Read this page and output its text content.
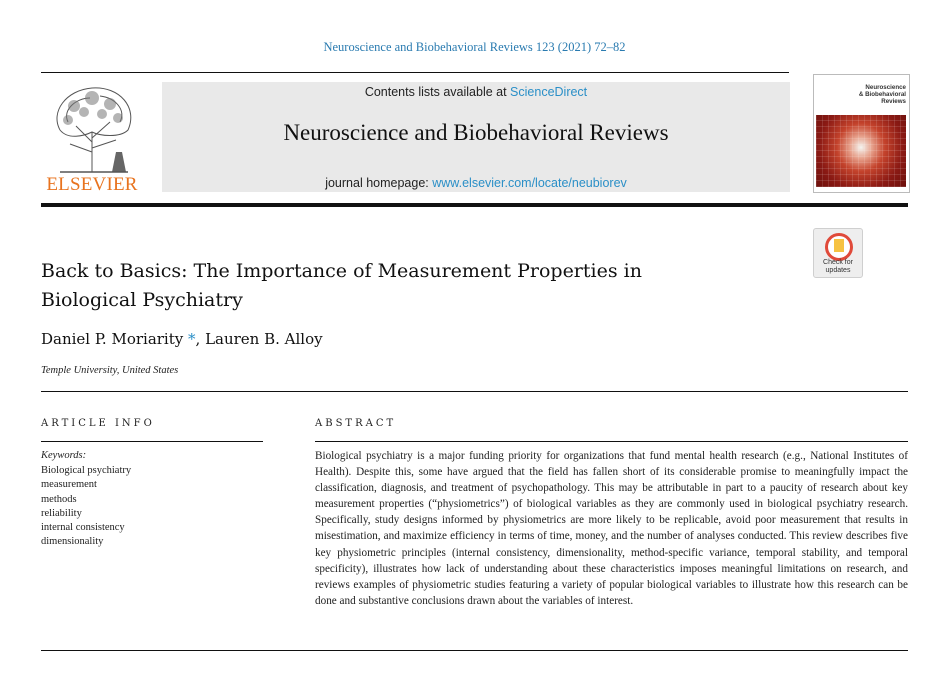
Neuroscience and Biobehavioral Reviews 123 (2021) 72–82
ELSEVIER
Contents lists available at ScienceDirect
Neuroscience and Biobehavioral Reviews
journal homepage: www.elsevier.com/locate/neubiorev
Neuroscience
& Biobehavioral
Reviews
Check for
updates
Back to Basics: The Importance of Measurement Properties in
Biological Psychiatry
Daniel P. Moriarity *, Lauren B. Alloy
Temple University, United States
ARTICLE INFO	ABSTRACT
Keywords:
Biological psychiatry
measurement
methods
reliability
internal consistency
dimensionality

Biological psychiatry is a major funding priority for organizations that fund mental health research (e.g., National Institutes of Health). Despite this, some have argued that the field has fallen short of its considerable promise to meaningfully impact the classification, diagnosis, and treatment of psychopathology. This may be attributable in part to a paucity of research about key measurement properties (“physiometrics”) of biological variables as they are commonly used in biological psychiatry research. Specifically, study designs informed by physiometrics are more likely to be replicable, avoid poor measurement that results in misestimation, and maximize efficiency in terms of time, money, and the number of analyses conducted. This review describes five key physiometric principles (internal consistency, dimensionality, method-specific variance, temporal stability, and temporal specificity), illustrates how lack of understanding about these characteristics imposes meaningful limitations on research, and reviews examples of physiometric studies featuring a variety of popular biological variables to illustrate how this research can be done and substantive conclusions drawn about the variables of interest.
